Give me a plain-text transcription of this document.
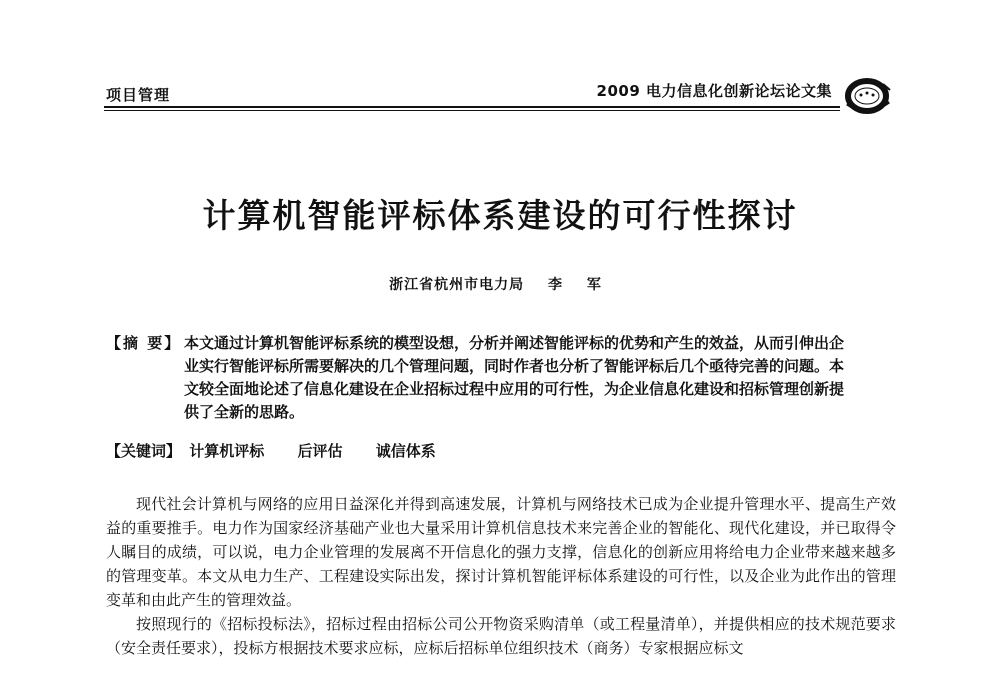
项目管理	2009 电力信息化创新论坛论文集
计算机智能评标体系建设的可行性探讨
浙江省杭州市电力局 李 军
【摘 要】 本文通过计算机智能评标系统的模型设想，分析并阐述智能评标的优势和产生的效益，从而引伸出企业实行智能评标所需要解决的几个管理问题，同时作者也分析了智能评标后几个亟待完善的问题。本文较全面地论述了信息化建设在企业招标过程中应用的可行性，为企业信息化建设和招标管理创新提供了全新的思路。
【关键词】 计算机评标 后评估 诚信体系

现代社会计算机与网络的应用日益深化并得到高速发展，计算机与网络技术已成为企业提升管理水平、提高生产效益的重要推手。电力作为国家经济基础产业也大量采用计算机信息技术来完善企业的智能化、现代化建设，并已取得令人瞩目的成绩，可以说，电力企业管理的发展离不开信息化的强力支撑，信息化的创新应用将给电力企业带来越来越多的管理变革。本文从电力生产、工程建设实际出发，探讨计算机智能评标体系建设的可行性，以及企业为此作出的管理变革和由此产生的管理效益。

按照现行的《招标投标法》，招标过程由招标公司公开物资采购清单（或工程量清单），并提供相应的技术规范要求（安全责任要求），投标方根据技术要求应标，应标后招标单位组织技术（商务）专家根据应标文
